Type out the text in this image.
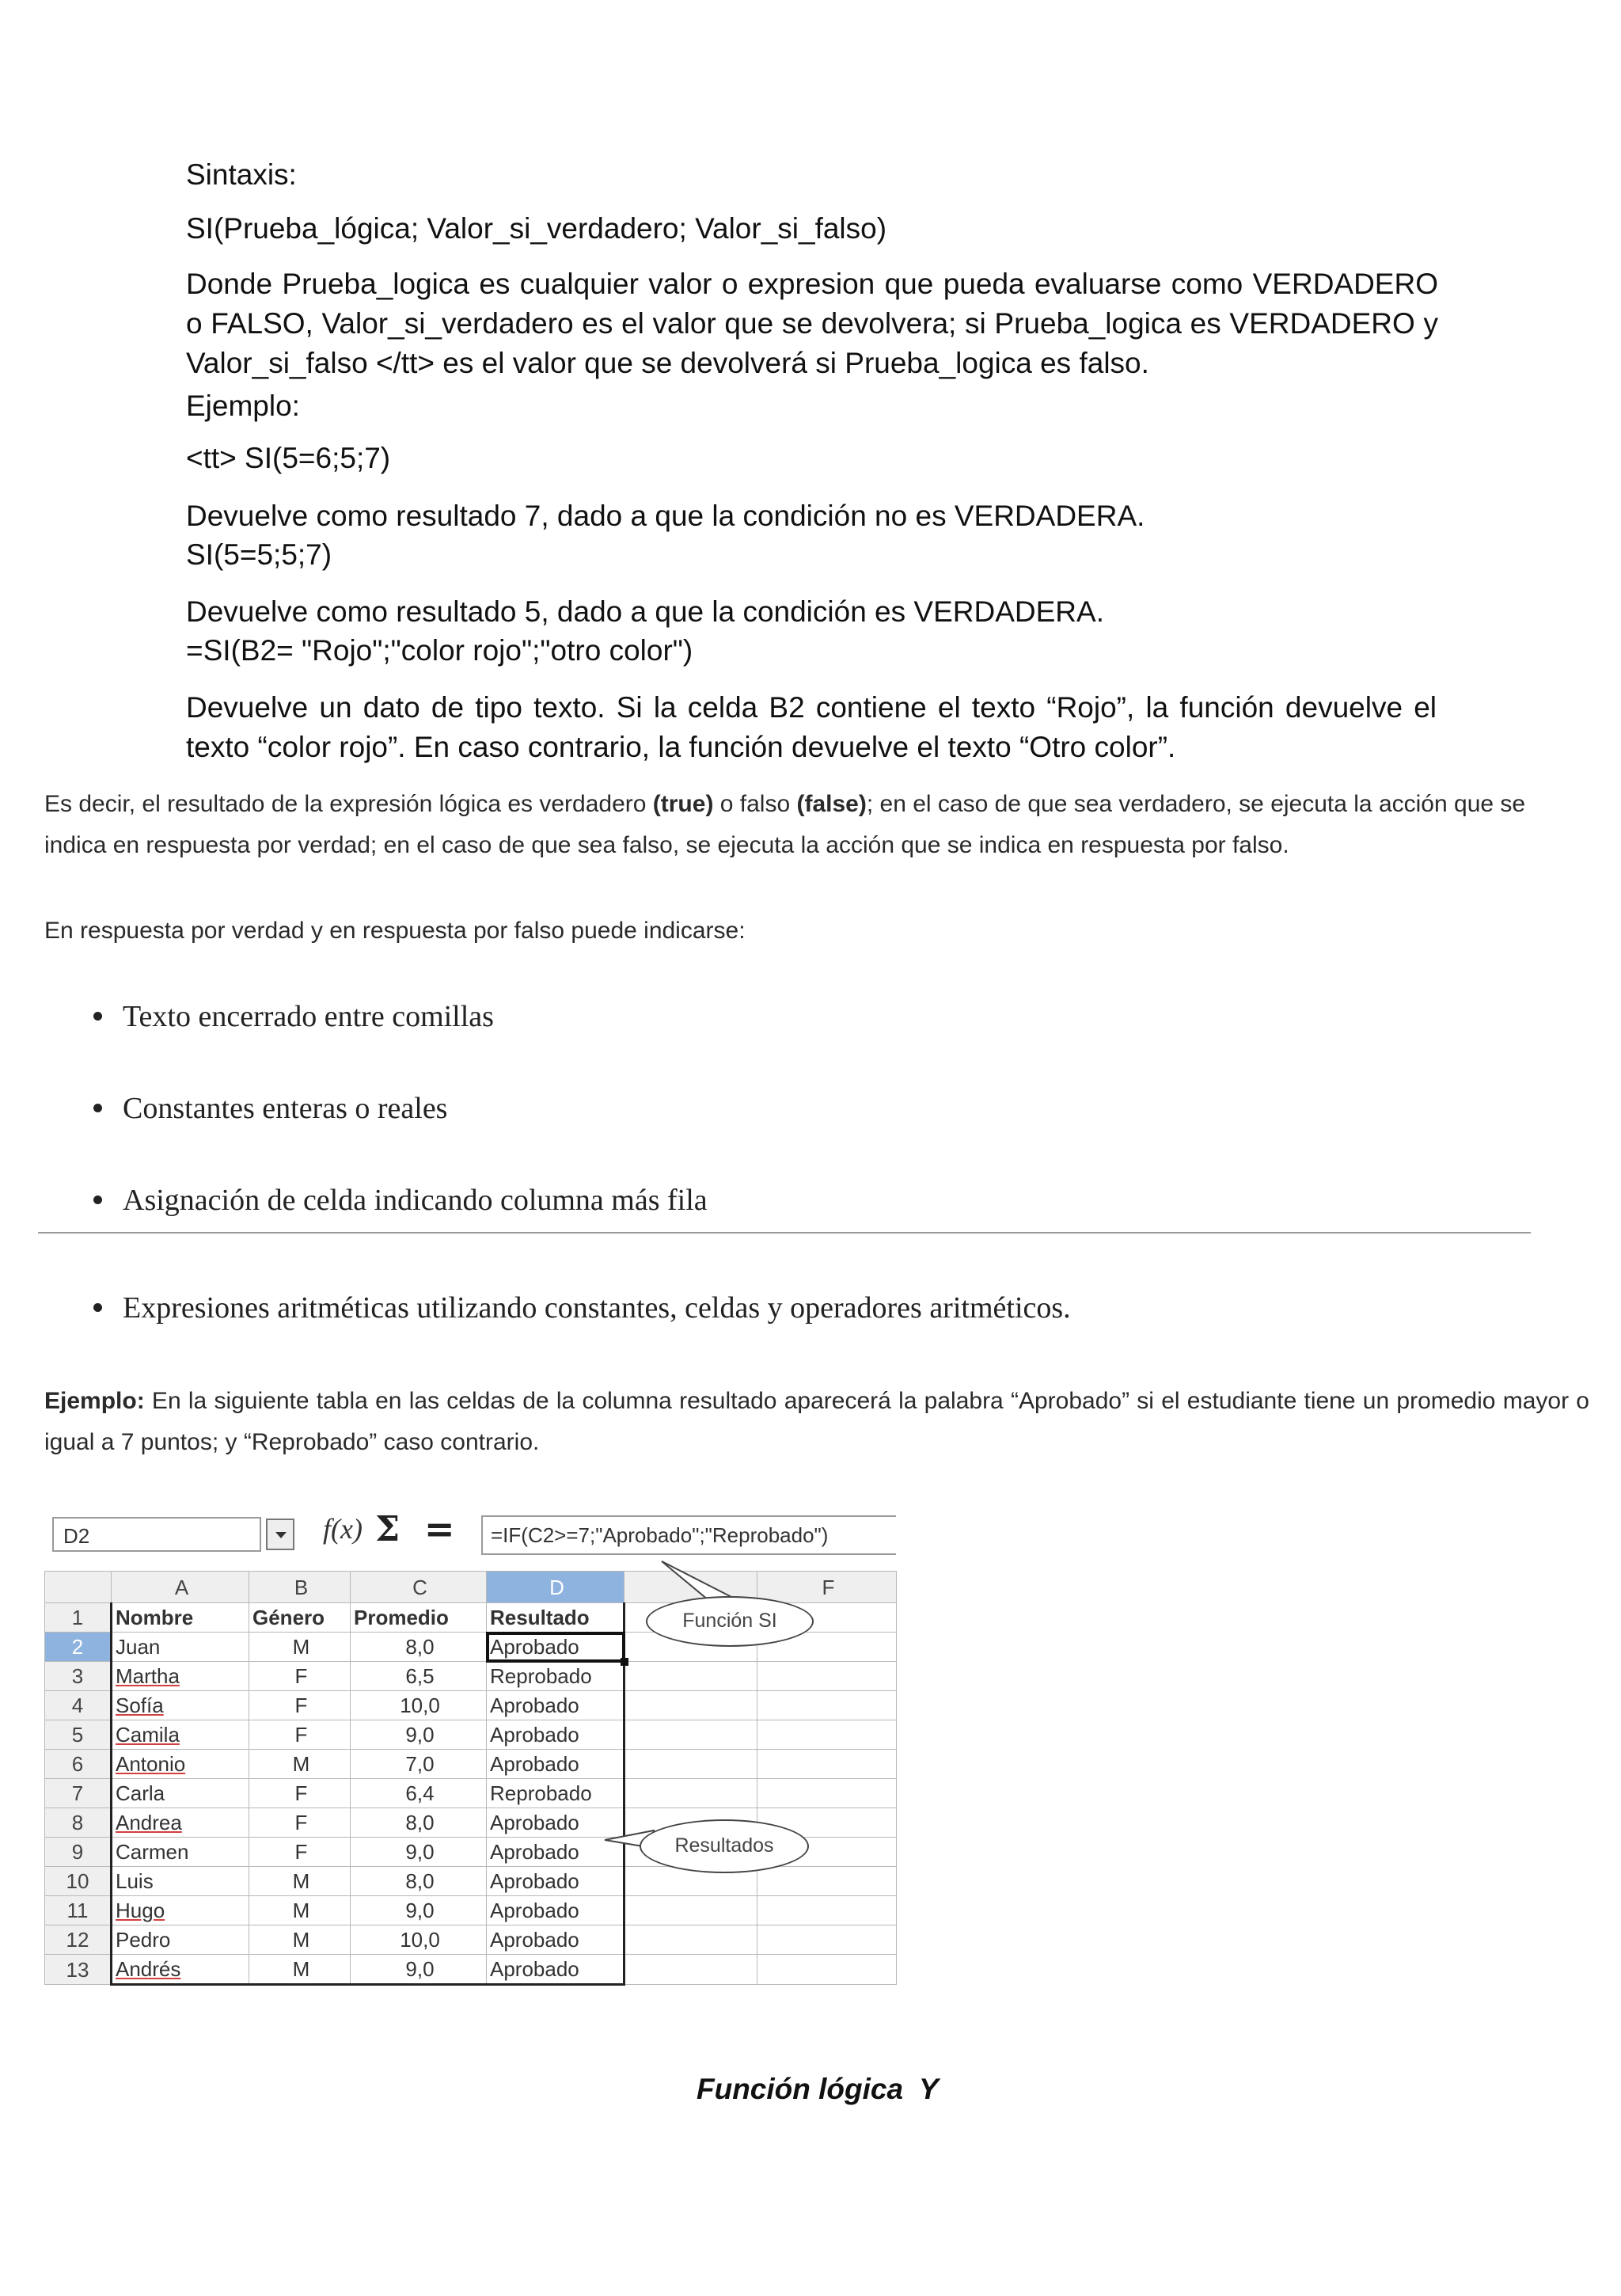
Sintaxis:
SI(Prueba_lógica; Valor_si_verdadero; Valor_si_falso)
Donde Prueba_logica es cualquier valor o expresion que pueda evaluarse como VERDADERO o FALSO, Valor_si_verdadero es el valor que se devolvera; si Prueba_logica es VERDADERO y Valor_si_falso </tt> es el valor que se devolverá si Prueba_logica es falso.
Ejemplo:
<tt> SI(5=6;5;7)
Devuelve como resultado 7, dado a que la condición no es VERDADERA.
SI(5=5;5;7)
Devuelve como resultado 5, dado a que la condición es VERDADERA.
=SI(B2= "Rojo";"color rojo";"otro color")
Devuelve un dato de tipo texto. Si la celda B2 contiene el texto “Rojo”, la función devuelve el texto “color rojo”. En caso contrario, la función devuelve el texto “Otro color”.
Es decir, el resultado de la expresión lógica es verdadero (true) o falso (false); en el caso de que sea verdadero, se ejecuta la acción que se indica en respuesta por verdad; en el caso de que sea falso, se ejecuta la acción que se indica en respuesta por falso.
En respuesta por verdad y en respuesta por falso puede indicarse:
Texto encerrado entre comillas
Constantes enteras o reales
Asignación de celda indicando columna más fila
Expresiones aritméticas utilizando constantes, celdas y operadores aritméticos.
Ejemplo: En la siguiente tabla en las celdas de la columna resultado aparecerá la palabra “Aprobado” si el estudiante tiene un promedio mayor o igual a 7 puntos; y “Reprobado” caso contrario.
D2	f(x) Σ =	=IF(C2>=7;"Aprobado";"Reprobado")
	A	B	C	D		F
1	Nombre	Género	Promedio	Resultado		
2	Juan	M	8,0	Aprobado		
3	Martha	F	6,5	Reprobado		
4	Sofía	F	10,0	Aprobado		
5	Camila	F	9,0	Aprobado		
6	Antonio	M	7,0	Aprobado		
7	Carla	F	6,4	Reprobado		
8	Andrea	F	8,0	Aprobado		
9	Carmen	F	9,0	Aprobado		
10	Luis	M	8,0	Aprobado		
11	Hugo	M	9,0	Aprobado		
12	Pedro	M	10,0	Aprobado		
13	Andrés	M	9,0	Aprobado		
Función SI
Resultados
Función lógica  Y
